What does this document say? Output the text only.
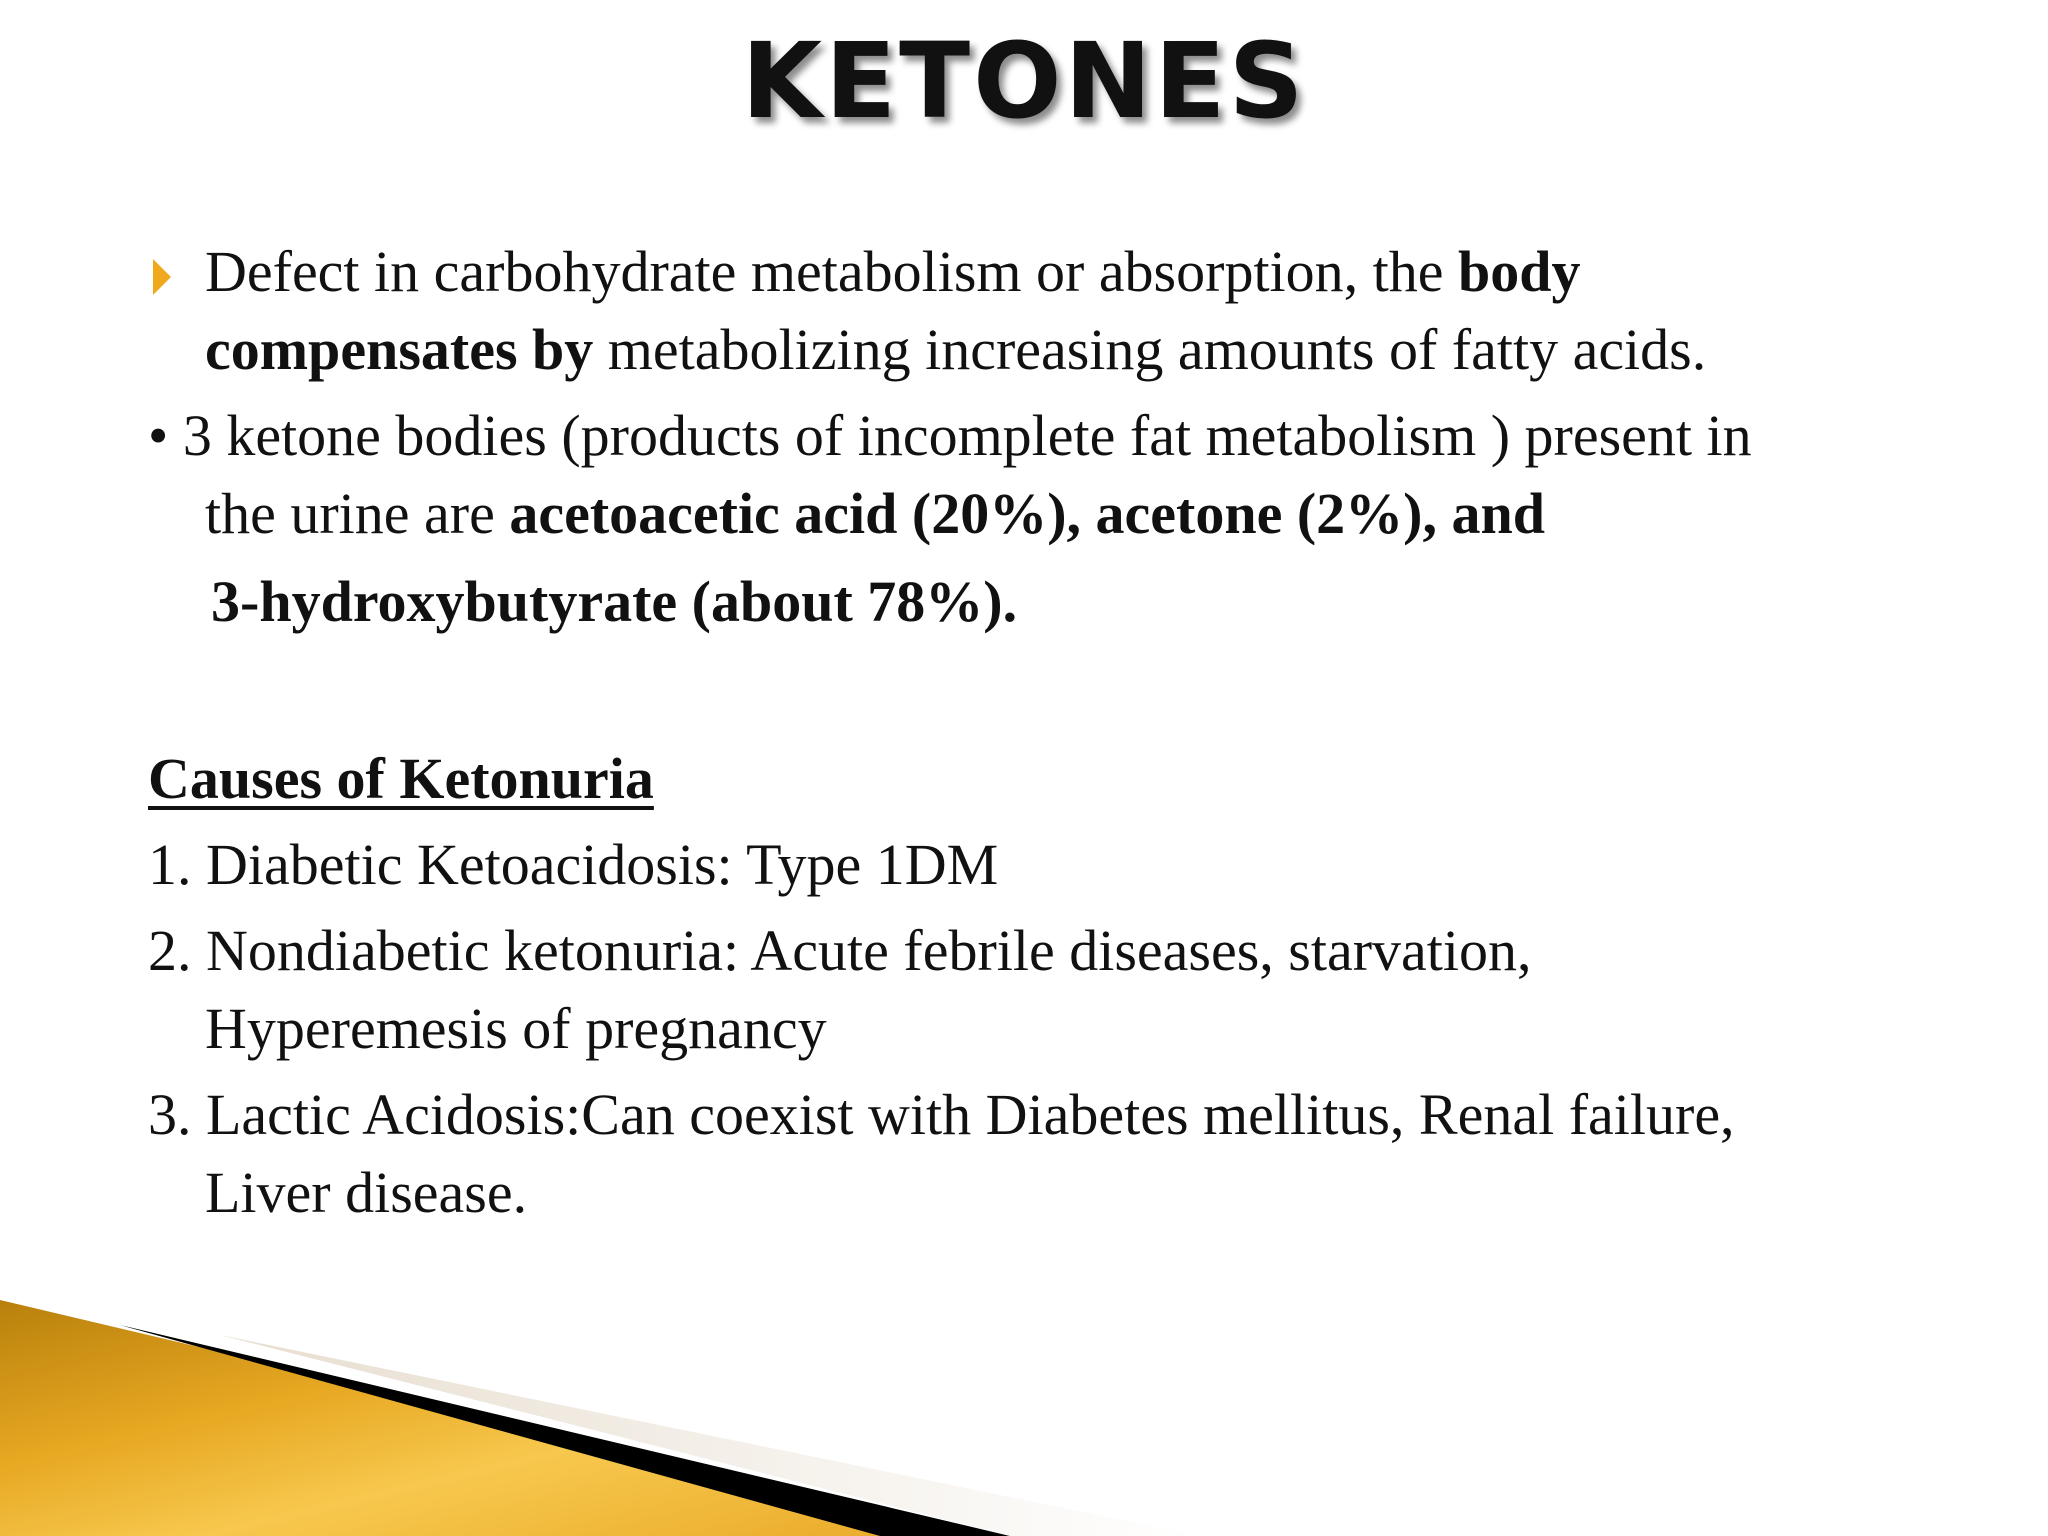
KETONES
Defect in carbohydrate metabolism or absorption, the body
compensates by metabolizing increasing amounts of fatty acids.
• 3 ketone bodies (products of incomplete fat metabolism ) present in
the urine are acetoacetic acid (20%), acetone (2%), and
3-hydroxybutyrate (about 78%).
Causes of Ketonuria
1. Diabetic Ketoacidosis: Type 1DM
2. Nondiabetic ketonuria: Acute febrile diseases, starvation,
Hyperemesis of pregnancy
3. Lactic Acidosis:Can coexist with Diabetes mellitus, Renal failure,
Liver disease.
